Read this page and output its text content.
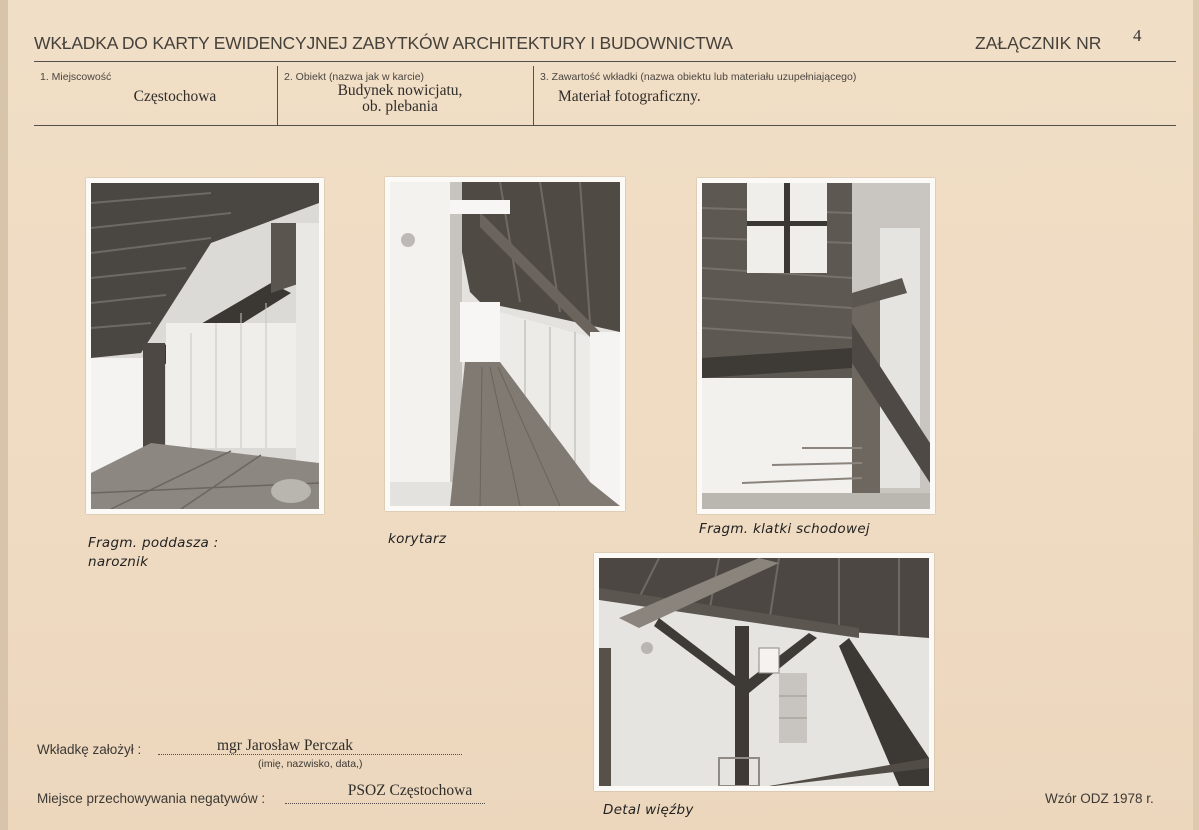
WKŁADKA DO KARTY EWIDENCYJNEJ ZABYTKÓW ARCHITEKTURY I BUDOWNICTWA	ZAŁĄCZNIK NR 4
1. Miejscowość
Częstochowa
2. Obiekt (nazwa jak w karcie)
Budynek nowicjatu,
ob. plebania
3. Zawartość wkładki (nazwa obiektu lub materiału uzupełniającego)
Materiał fotograficzny.
Fragm. poddasza :
naroznik
korytarz
Fragm. klatki schodowej
Detal więźby
Wkładkę założył :	mgr Jarosław Perczak
(imię, nazwisko, data,)
Miejsce przechowywania negatywów :	PSOZ Częstochowa	Wzór ODZ 1978 r.
